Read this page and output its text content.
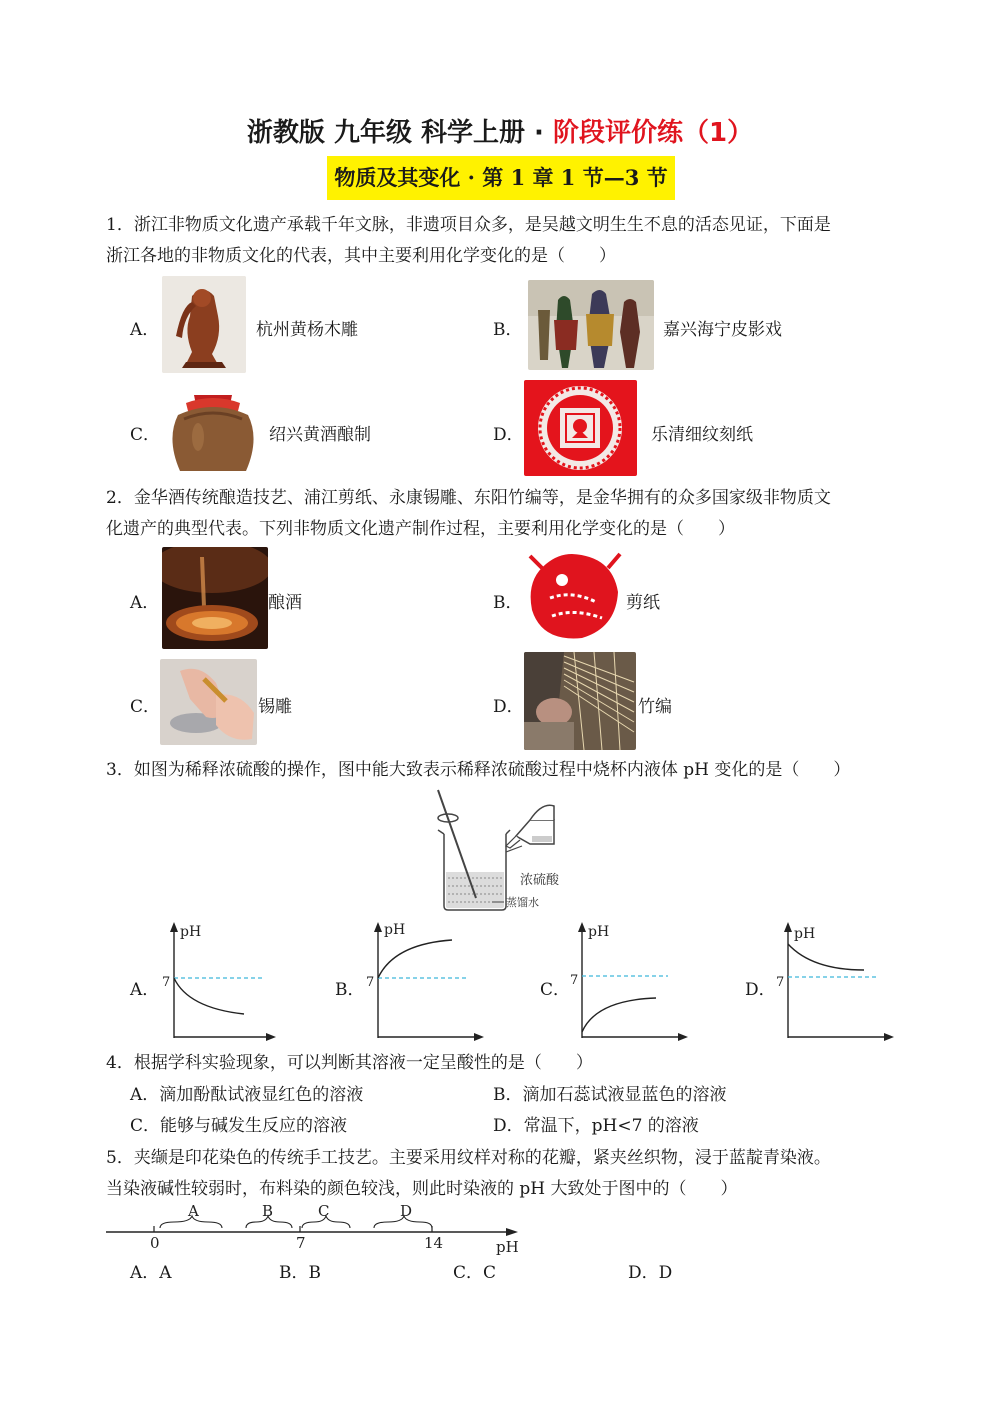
浙教版 九年级 科学上册 · 阶段评价练（1）
物质及其变化 · 第 1 章 1 节—3 节
1．浙江非物质文化遗产承载千年文脉，非遗项目众多，是吴越文明生生不息的活态见证，下面是
浙江各地的非物质文化的代表，其中主要利用化学变化的是（　　）
A．	杭州黄杨木雕	B．	嘉兴海宁皮影戏
C．	绍兴黄酒酿制	D．	乐清细纹刻纸
2．金华酒传统酿造技艺、浦江剪纸、永康锡雕、东阳竹编等，是金华拥有的众多国家级非物质文
化遗产的典型代表。下列非物质文化遗产制作过程，主要利用化学变化的是（　　）
A．	酿酒	B．	剪纸
C．	锡雕	D．	竹编
3．如图为稀释浓硫酸的操作，图中能大致表示稀释浓硫酸过程中烧杯内液体 pH 变化的是（　　）
浓硫酸
蒸馏水
A．
pH
7	B．
pH
7	C．
pH
7	D．
pH
7
4．根据学科实验现象，可以判断其溶液一定呈酸性的是（　　）
A．滴加酚酞试液显红色的溶液	B．滴加石蕊试液显蓝色的溶液
C．能够与碱发生反应的溶液	D．常温下，pH<7 的溶液
5．夹缬是印花染色的传统手工技艺。主要采用纹样对称的花瓣，紧夹丝织物，浸于蓝靛青染液。
当染液碱性较弱时，布料染的颜色较浅，则此时染液的 pH 大致处于图中的（　　）
0	7	14	pH
A	B	C	D
A．A	B．B	C．C	D．D
